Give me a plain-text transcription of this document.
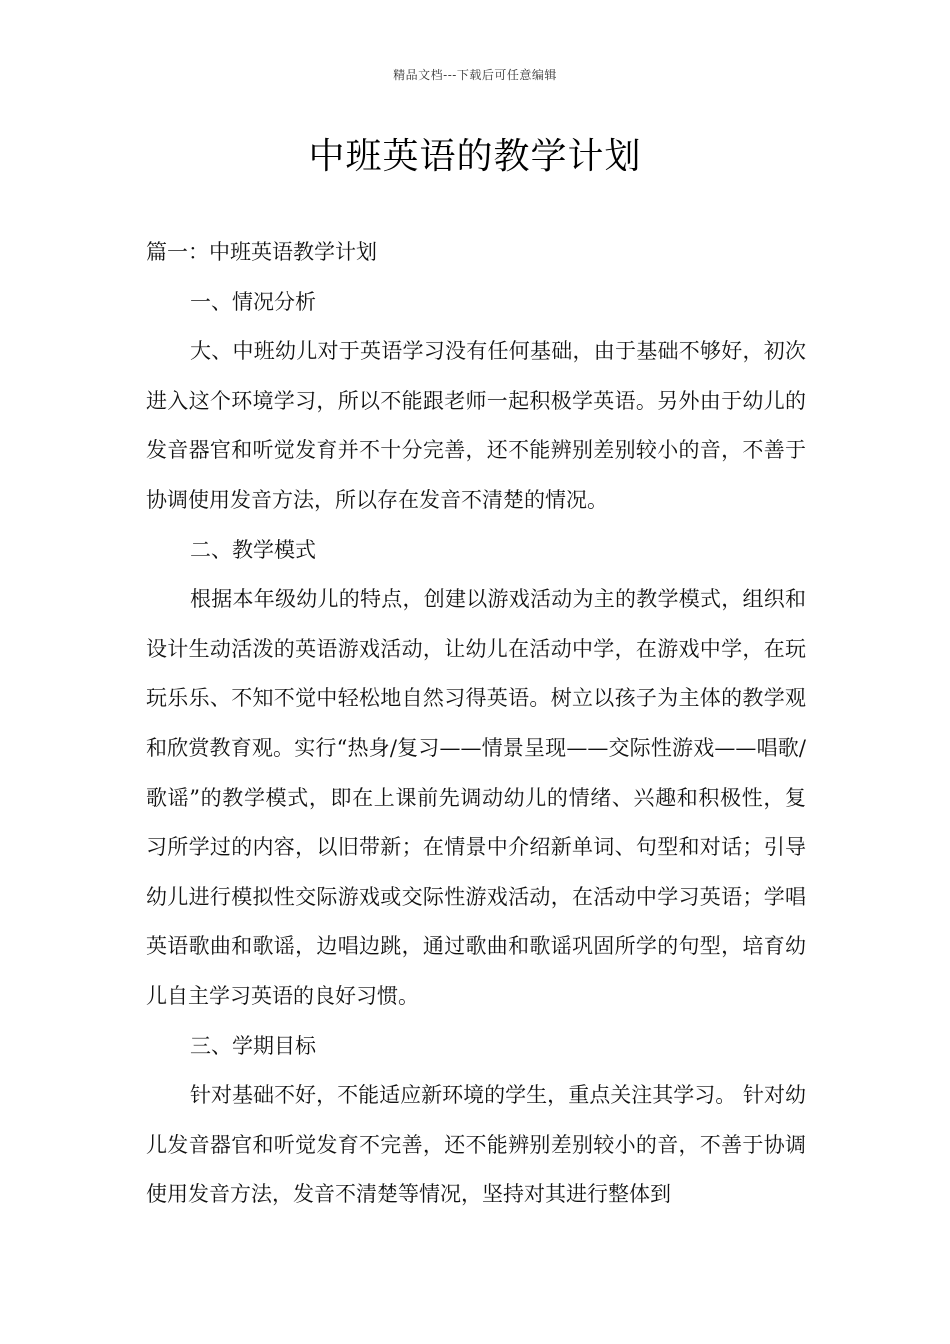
精品文档---下载后可任意编辑
中班英语的教学计划

篇一：中班英语教学计划

一、情况分析

大、中班幼儿对于英语学习没有任何基础，由于基础不够好，初次进入这个环境学习，所以不能跟老师一起积极学英语。另外由于幼儿的发音器官和听觉发育并不十分完善，还不能辨别差别较小的音，不善于协调使用发音方法，所以存在发音不清楚的情况。

二、教学模式

根据本年级幼儿的特点，创建以游戏活动为主的教学模式，组织和设计生动活泼的英语游戏活动，让幼儿在活动中学，在游戏中学，在玩玩乐乐、不知不觉中轻松地自然习得英语。树立以孩子为主体的教学观和欣赏教育观。实行“热身/复习——情景呈现——交际性游戏——唱歌/歌谣”的教学模式，即在上课前先调动幼儿的情绪、兴趣和积极性，复习所学过的内容，以旧带新；在情景中介绍新单词、句型和对话；引导幼儿进行模拟性交际游戏或交际性游戏活动，在活动中学习英语；学唱英语歌曲和歌谣，边唱边跳，通过歌曲和歌谣巩固所学的句型，培育幼儿自主学习英语的良好习惯。

三、学期目标

针对基础不好，不能适应新环境的学生，重点关注其学习。 针对幼儿发音器官和听觉发育不完善，还不能辨别差别较小的音，不善于协调使用发音方法，发音不清楚等情况，坚持对其进行整体到
